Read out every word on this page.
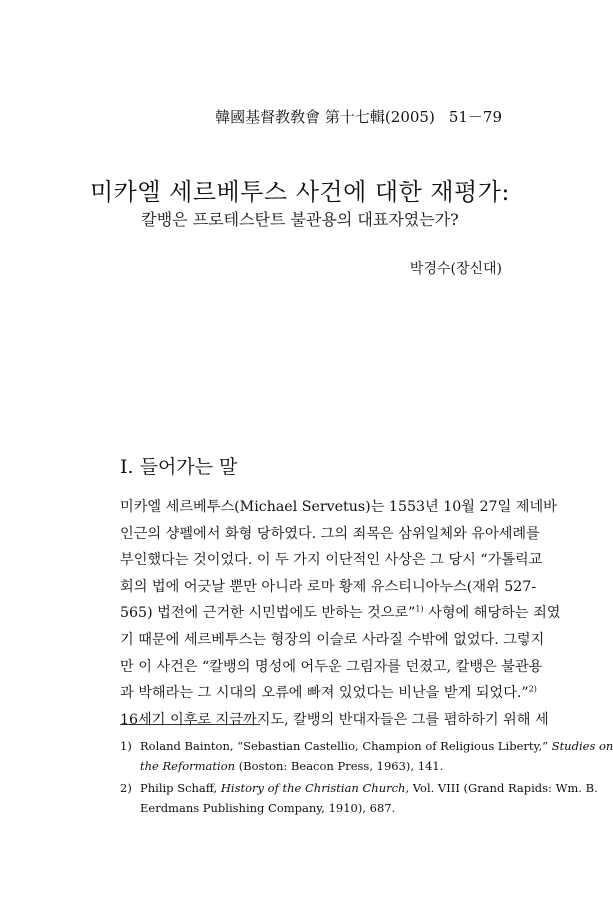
韓國基督教敎會 第十七輯(2005) 51－79
미카엘 세르베투스 사건에 대한 재평가:
칼뱅은 프로테스탄트 불관용의 대표자였는가?
박경수(장신대)
I. 들어가는 말
미카엘 세르베투스(Michael Servetus)는 1553년 10월 27일 제네바
인근의 샹펠에서 화형 당하였다. 그의 죄목은 삼위일체와 유아세례를
부인했다는 것이었다. 이 두 가지 이단적인 사상은 그 당시 “가톨릭교
회의 법에 어긋날 뿐만 아니라 로마 황제 유스티니아누스(재위 527-
565) 법전에 근거한 시민법에도 반하는 것으로”$^{1)}$ 사형에 해당하는 죄였
기 때문에 세르베투스는 형장의 이슬로 사라질 수밖에 없었다. 그렇지
만 이 사건은 “칼뱅의 명성에 어두운 그림자를 던졌고, 칼뱅은 불관용
과 박해라는 그 시대의 오류에 빠져 있었다는 비난을 받게 되었다.”$^{2)}$
16세기 이후로 지금까지도, 칼뱅의 반대자들은 그를 폄하하기 위해 세
1) Roland Bainton, “Sebastian Castellio, Champion of Religious Liberty,” Studies on
the Reformation (Boston: Beacon Press, 1963), 141.
2) Philip Schaff, History of the Christian Church, Vol. VIII (Grand Rapids: Wm. B.
Eerdmans Publishing Company, 1910), 687.
